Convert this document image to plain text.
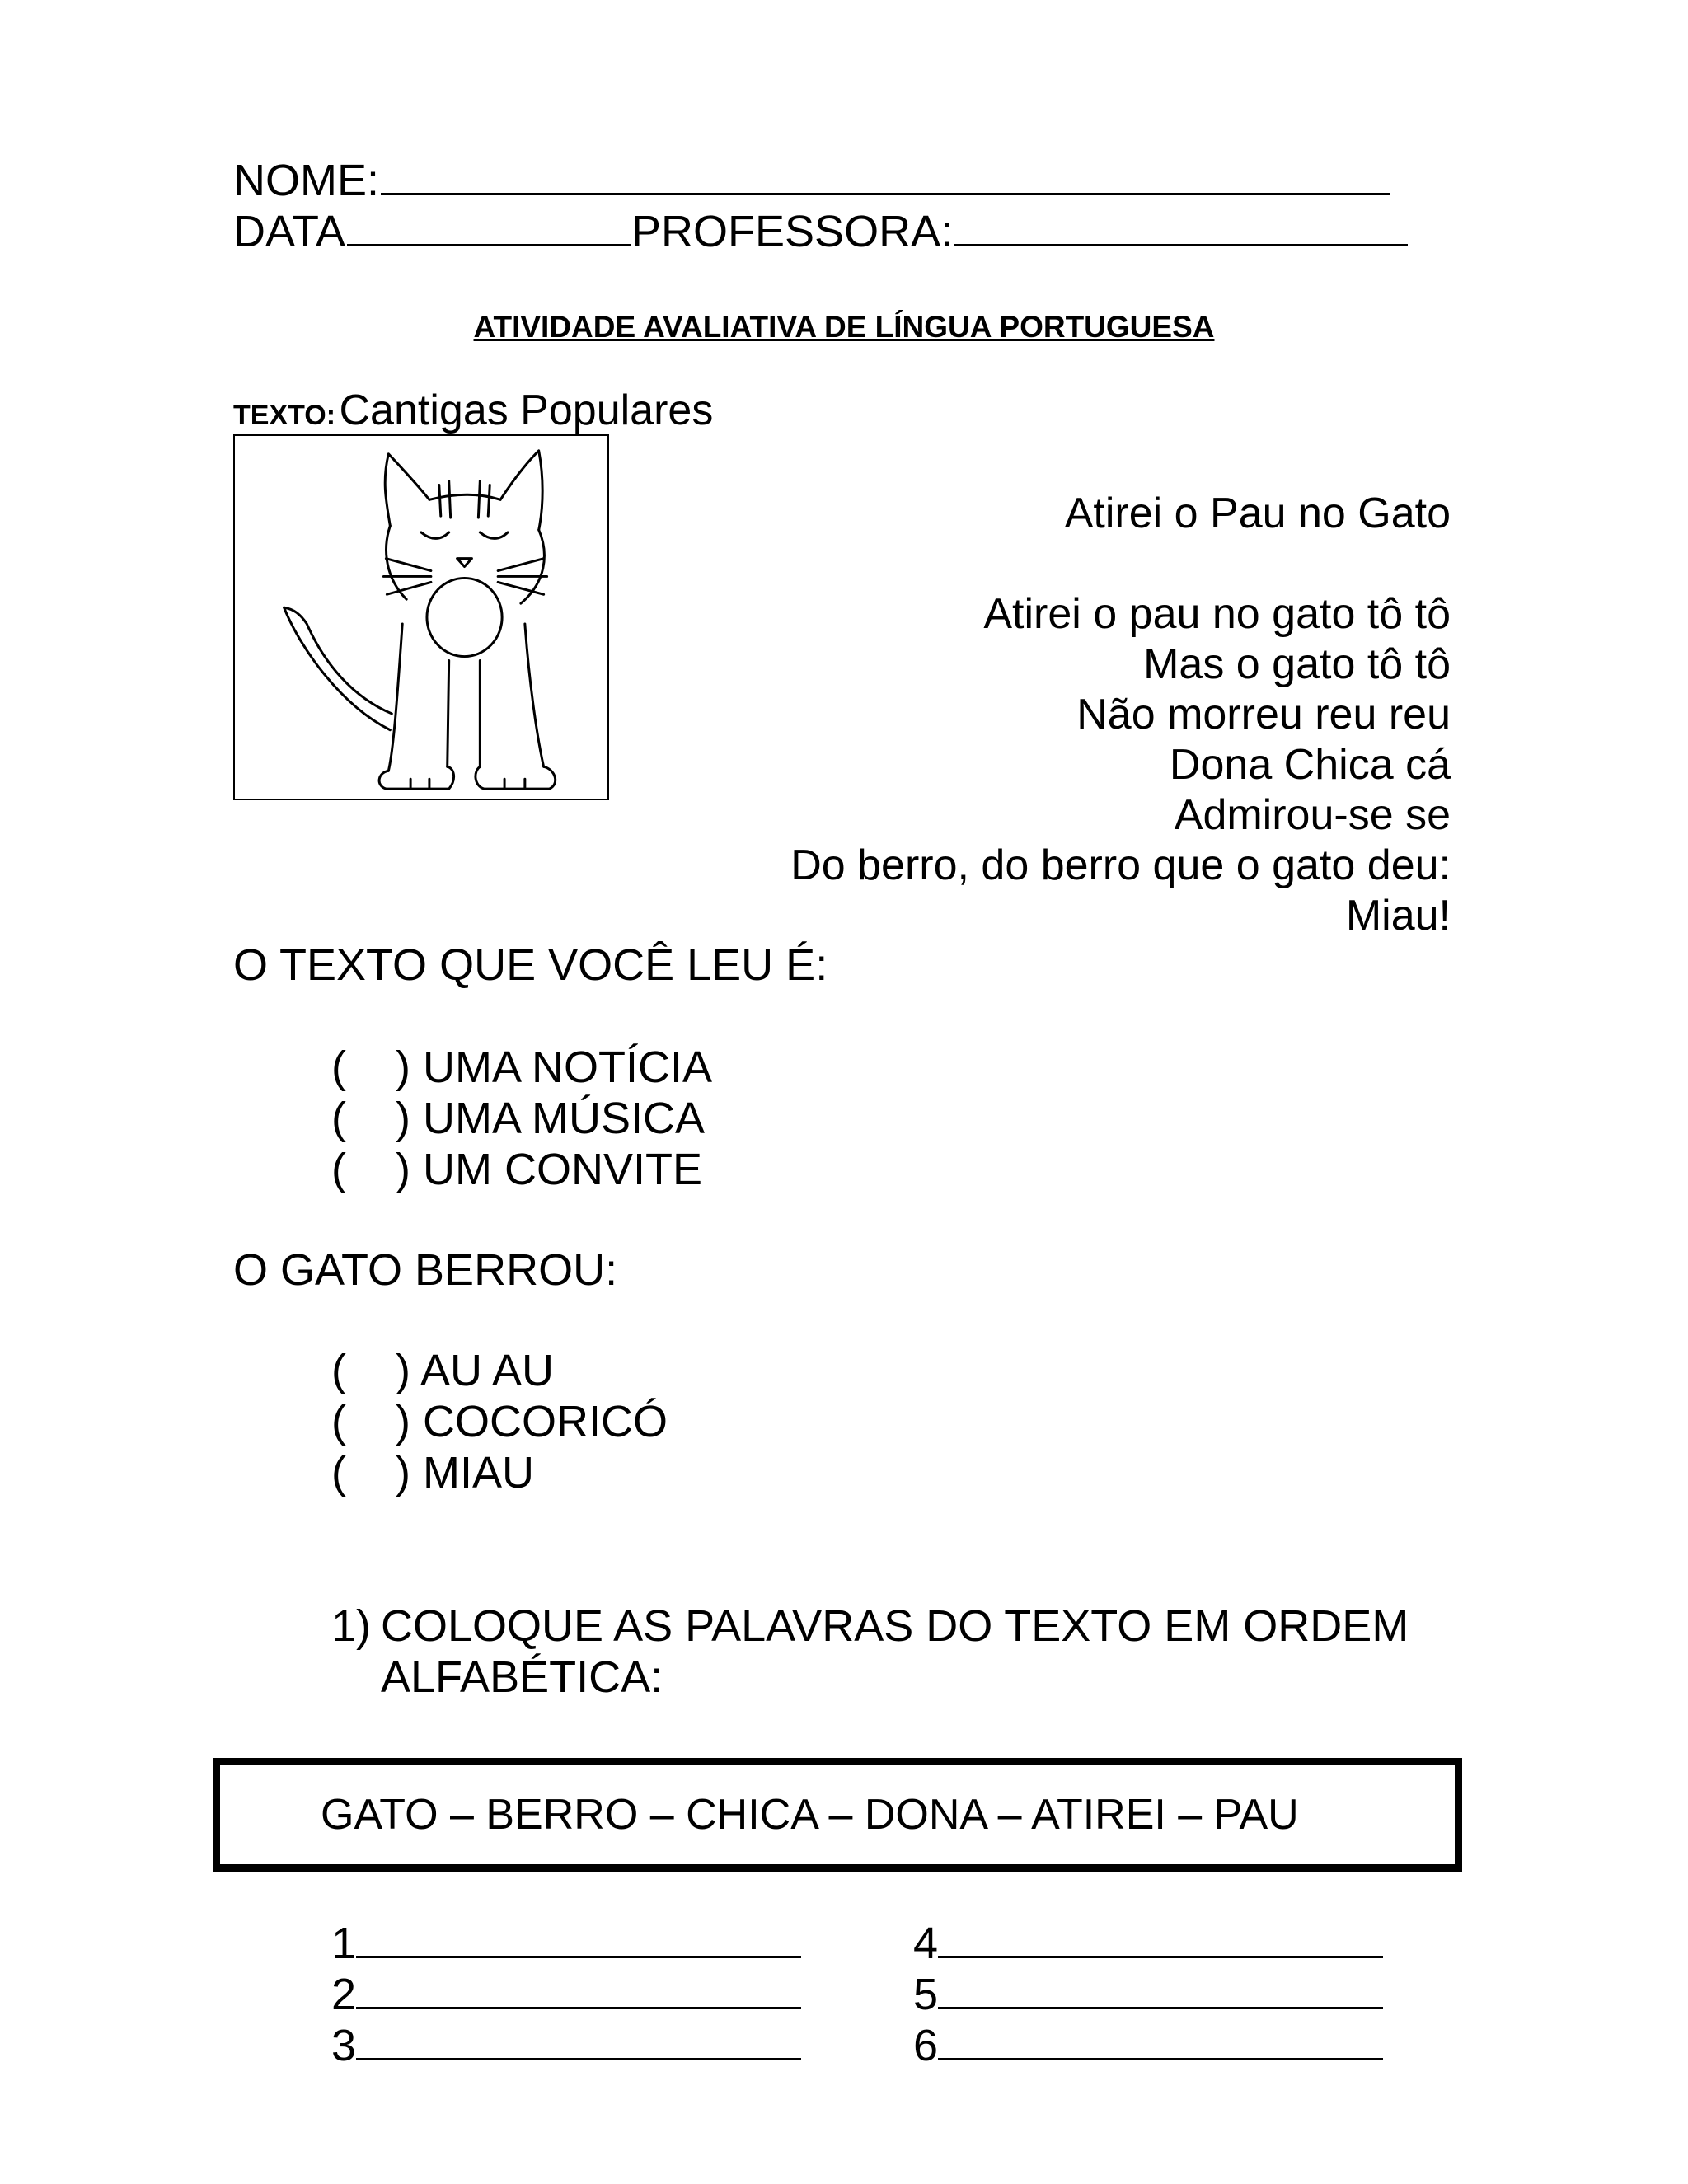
NOME:
DATA	PROFESSORA:
ATIVIDADE AVALIATIVA DE LÍNGUA PORTUGUESA
TEXTO: Cantigas Populares
Atirei o Pau no Gato
Atirei o pau no gato tô tô
Mas o gato tô tô
Não morreu reu reu
Dona Chica cá
Admirou-se se
Do berro, do berro que o gato deu:
Miau!
O TEXTO QUE VOCÊ LEU É:
( ) UMA NOTÍCIA
( ) UMA MÚSICA
( ) UM CONVITE
O GATO BERROU:
( ) AU AU
( ) COCORICÓ
( ) MIAU
1) COLOQUE AS PALAVRAS DO TEXTO EM ORDEM
ALFABÉTICA:
GATO – BERRO – CHICA – DONA – ATIREI – PAU
1
2
3
4
5
6
